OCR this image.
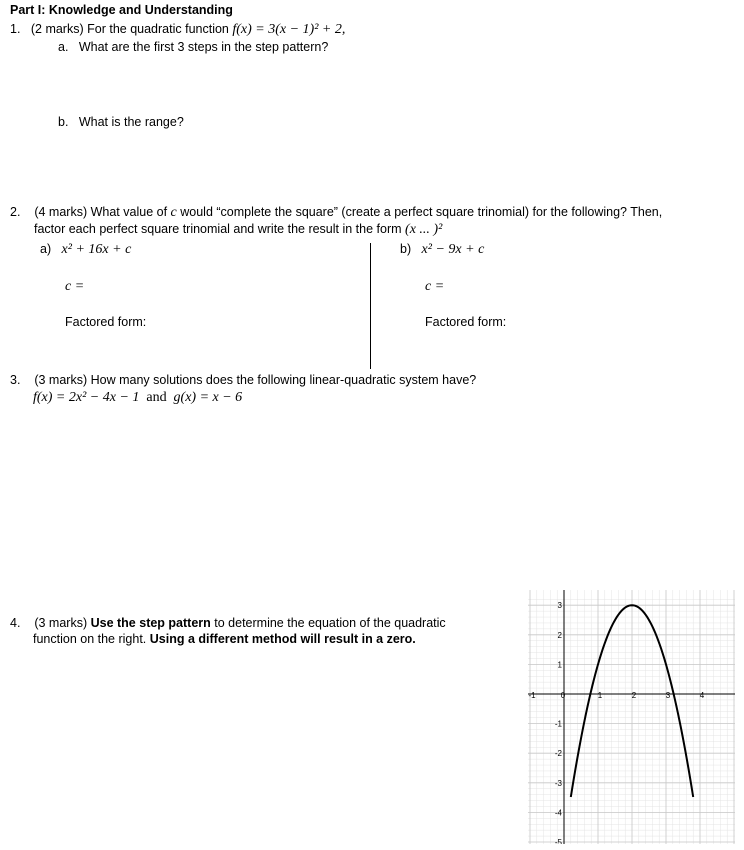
Part I: Knowledge and Understanding
1. (2 marks) For the quadratic function f(x) = 3(x − 1)² + 2,
a. What are the first 3 steps in the step pattern?
b. What is the range?
2. (4 marks) What value of c would “complete the square” (create a perfect square trinomial) for the following? Then,
factor each perfect square trinomial and write the result in the form (x ... )²
a) x² + 16x + c	b) x² − 9x + c
c =	c =
Factored form:	Factored form:
3. (3 marks) How many solutions does the following linear-quadratic system have?
f(x) = 2x² − 4x − 1 and g(x) = x − 6
4. (3 marks) Use the step pattern to determine the equation of the quadratic
function on the right. Using a different method will result in a zero.
-1	0	1	2	3	4
3
2
1
-1
-2
-3
-4
-5
